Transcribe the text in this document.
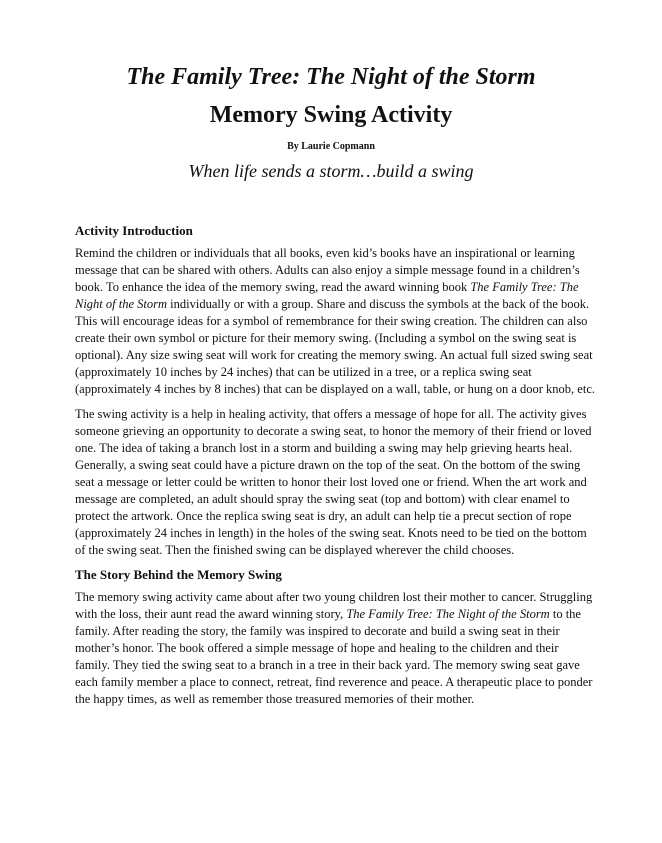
The Family Tree: The Night of the Storm
Memory Swing Activity
By Laurie Copmann
When life sends a storm…build a swing
Activity Introduction

Remind the children or individuals that all books, even kid’s books have an inspirational or learning message that can be shared with others. Adults can also enjoy a simple message found in a children’s book. To enhance the idea of the memory swing, read the award winning book The Family Tree: The Night of the Storm individually or with a group. Share and discuss the symbols at the back of the book. This will encourage ideas for a symbol of remembrance for their swing creation. The children can also create their own symbol or picture for their memory swing. (Including a symbol on the swing seat is optional). Any size swing seat will work for creating the memory swing. An actual full sized swing seat (approximately 10 inches by 24 inches) that can be utilized in a tree, or a replica swing seat (approximately 4 inches by 8 inches) that can be displayed on a wall, table, or hung on a door knob, etc.

The swing activity is a help in healing activity, that offers a message of hope for all. The activity gives someone grieving an opportunity to decorate a swing seat, to honor the memory of their friend or loved one. The idea of taking a branch lost in a storm and building a swing may help grieving hearts heal. Generally, a swing seat could have a picture drawn on the top of the seat. On the bottom of the swing seat a message or letter could be written to honor their lost loved one or friend. When the art work and message are completed, an adult should spray the swing seat (top and bottom) with clear enamel to protect the artwork. Once the replica swing seat is dry, an adult can help tie a precut section of rope (approximately 24 inches in length) in the holes of the swing seat. Knots need to be tied on the bottom of the swing seat. Then the finished swing can be displayed wherever the child chooses.

The Story Behind the Memory Swing

The memory swing activity came about after two young children lost their mother to cancer. Struggling with the loss, their aunt read the award winning story, The Family Tree: The Night of the Storm to the family. After reading the story, the family was inspired to decorate and build a swing seat in their mother’s honor. The book offered a simple message of hope and healing to the children and their family. They tied the swing seat to a branch in a tree in their back yard. The memory swing seat gave each family member a place to connect, retreat, find reverence and peace. A therapeutic place to ponder the happy times, as well as remember those treasured memories of their mother.
